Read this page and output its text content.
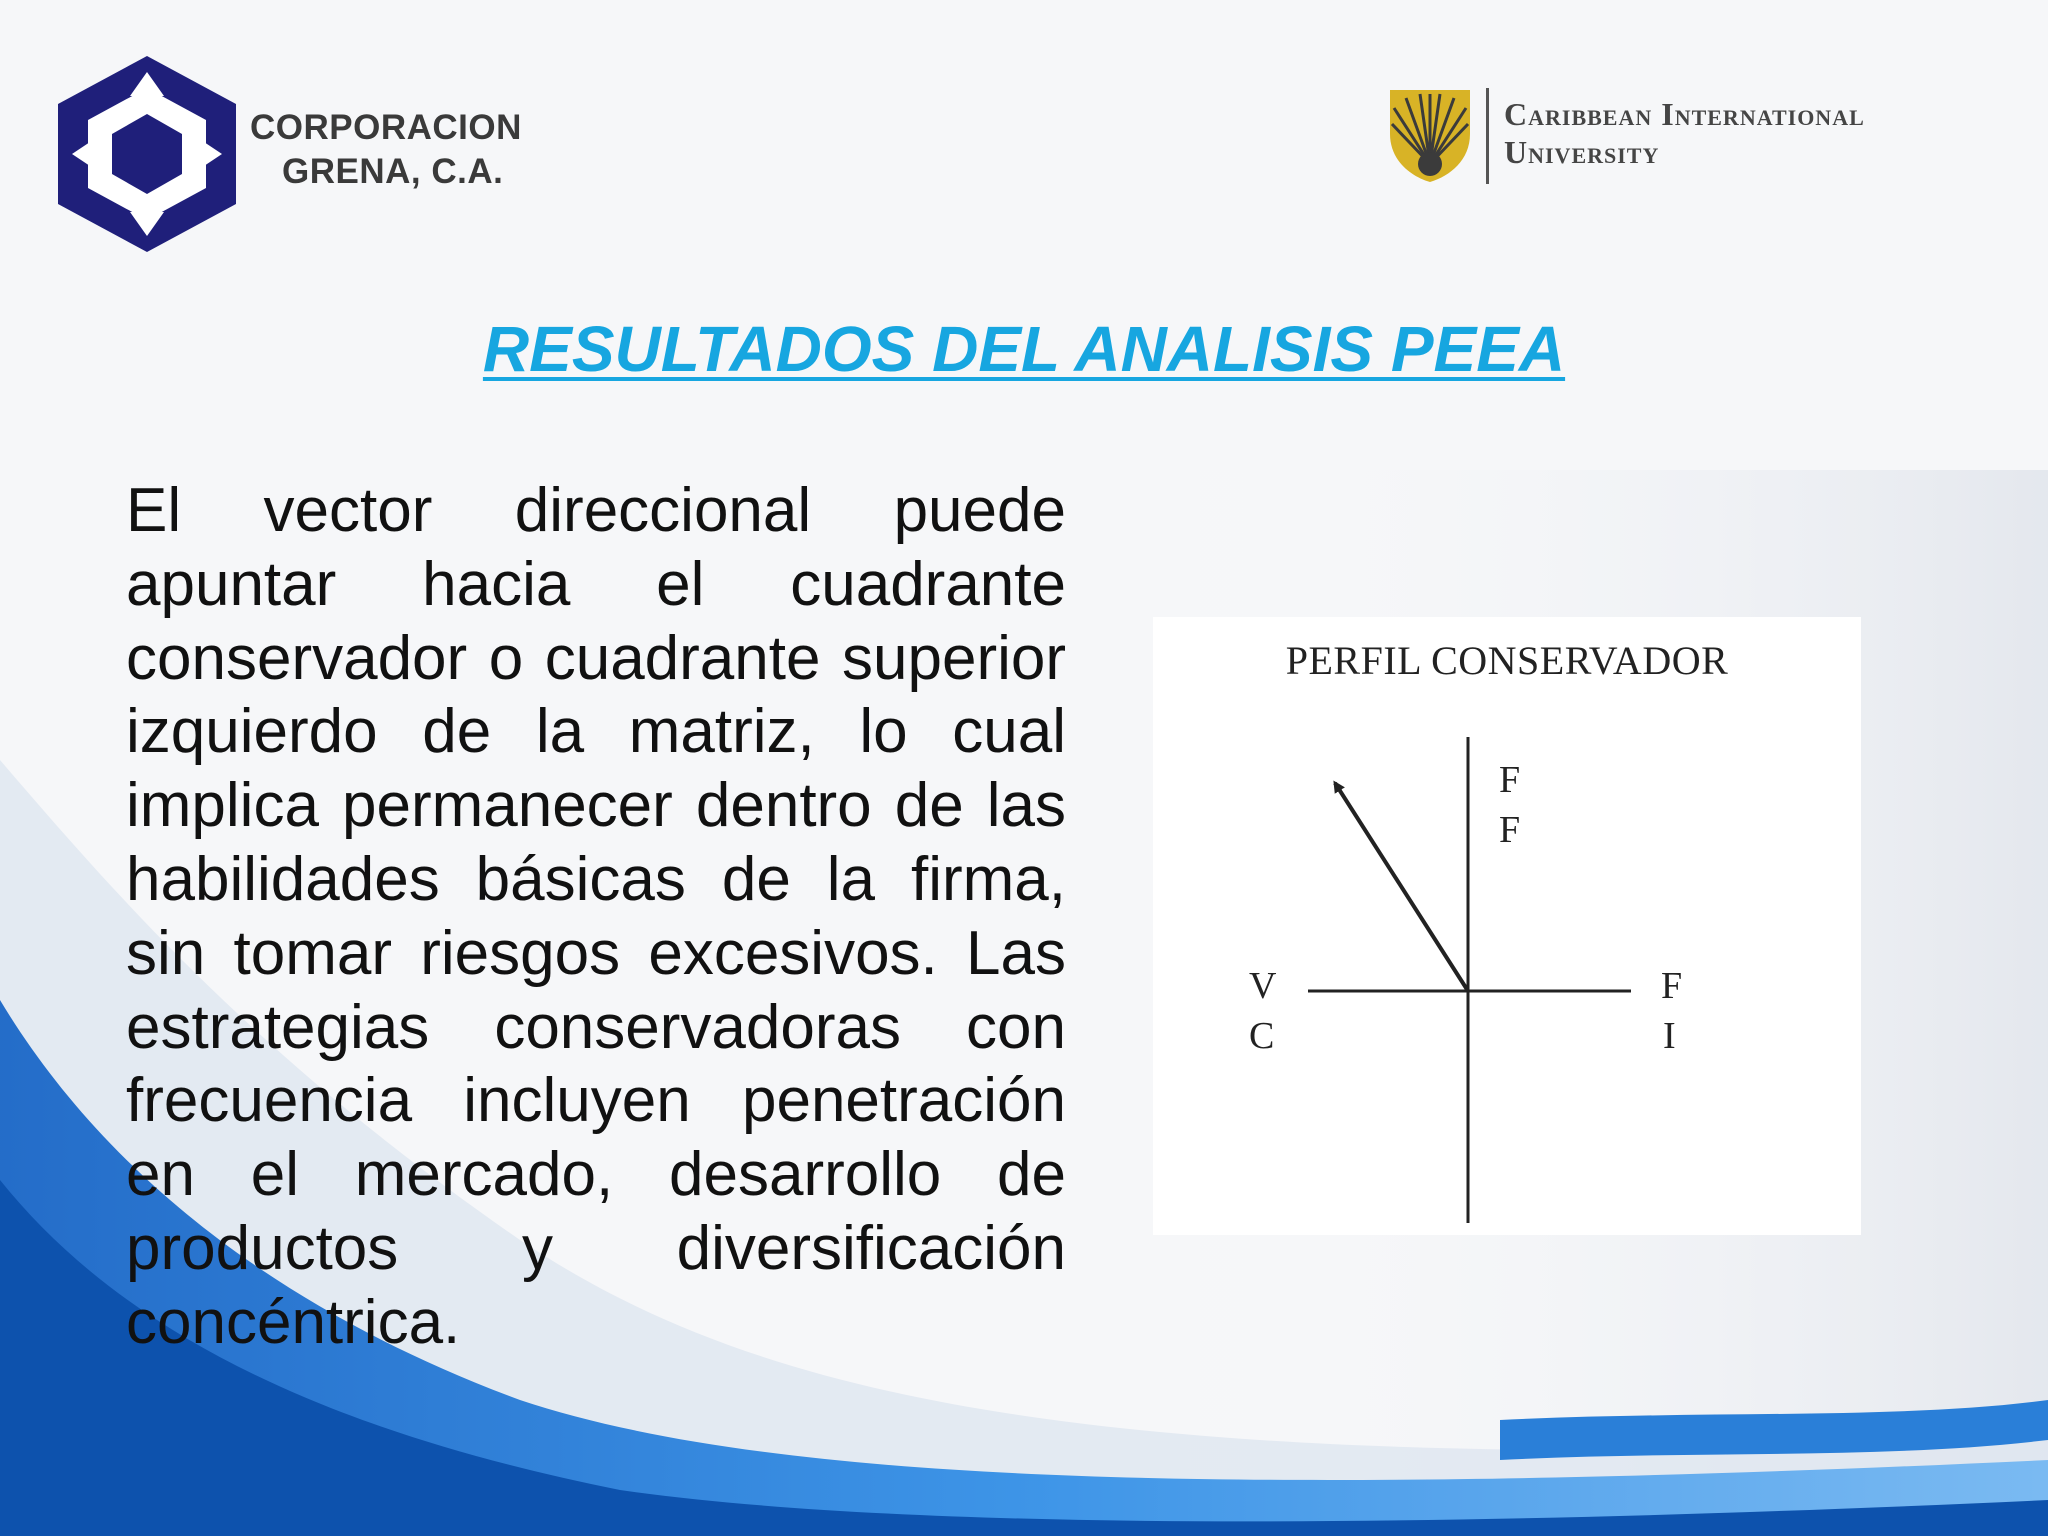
CORPORACION
GRENA, C.A.
Caribbean International
University
RESULTADOS DEL ANALISIS PEEA

El vector direccional puede apuntar hacia el cuadrante conservador o cuadrante superior izquierdo de la matriz, lo cual implica permanecer dentro de las habilidades básicas de la firma, sin tomar riesgos excesivos. Las estrategias conservadoras con frecuencia incluyen penetración en el mercado, desarrollo de productos y diversificación concéntrica.

PERFIL CONSERVADOR
F
F
V
C
F
I
